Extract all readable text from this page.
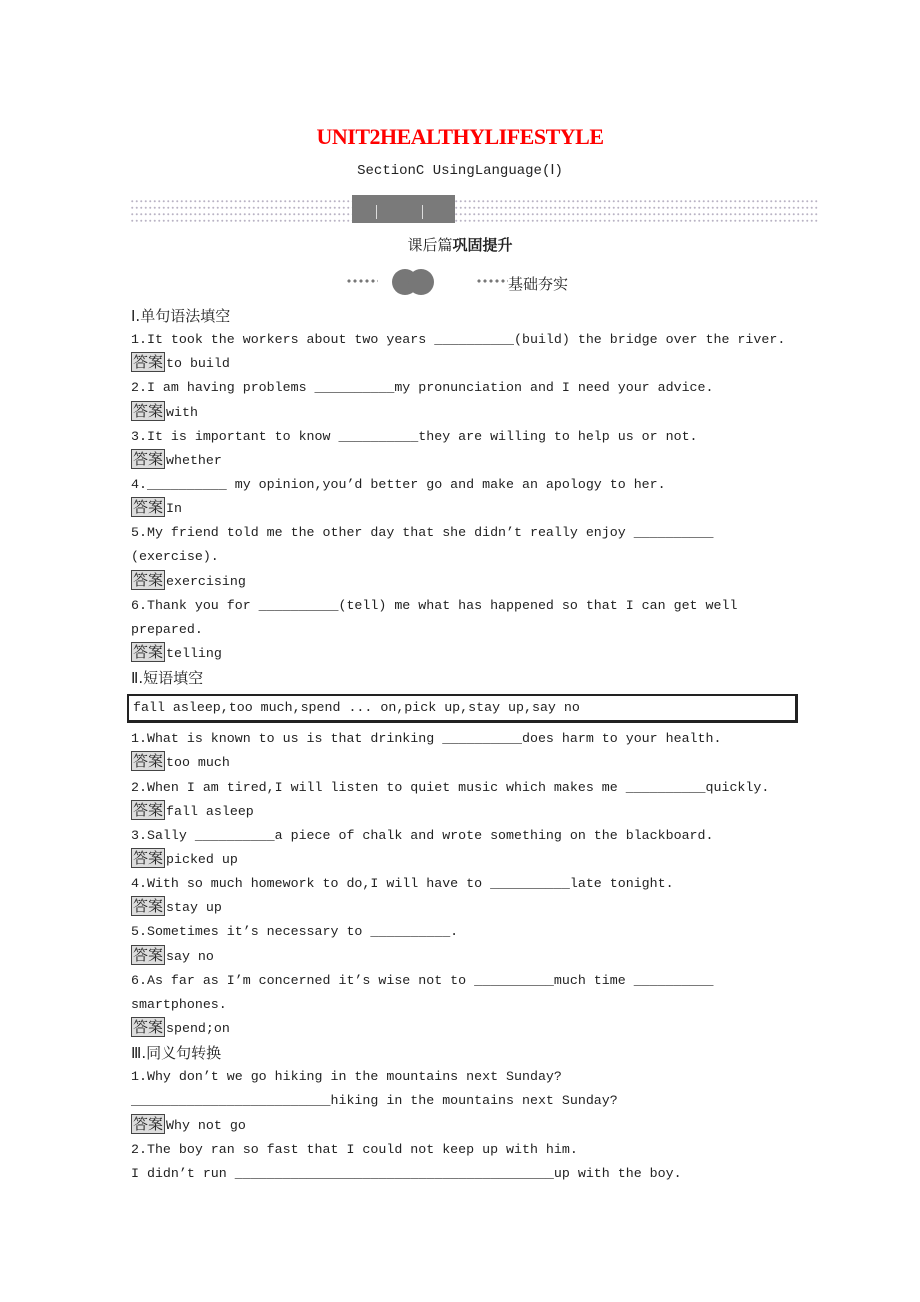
UNIT2HEALTHYLIFESTYLE
SectionC UsingLanguage(Ⅰ)
课后篇巩固提升
基础夯实
Ⅰ.单句语法填空
1.It took the workers about two years __________(build) the bridge over the river.
答案 to build
2.I am having problems __________my pronunciation and I need your advice.
答案 with
3.It is important to know __________they are willing to help us or not.
答案 whether
4.__________ my opinion,you’d better go and make an apology to her.
答案 In
5.My friend told me the other day that she didn’t really enjoy __________
(exercise).
答案 exercising
6.Thank you for __________(tell) me what has happened so that I can get well
prepared.
答案 telling
Ⅱ.短语填空
fall asleep,too much,spend ... on,pick up,stay up,say no
1.What is known to us is that drinking __________does harm to your health.
答案 too much
2.When I am tired,I will listen to quiet music which makes me __________quickly.
答案 fall asleep
3.Sally __________a piece of chalk and wrote something on the blackboard.
答案 picked up
4.With so much homework to do,I will have to __________late tonight.
答案 stay up
5.Sometimes it’s necessary to __________.
答案 say no
6.As far as I’m concerned it’s wise not to __________much time __________
smartphones.
答案 spend;on
Ⅲ.同义句转换
1.Why don’t we go hiking in the mountains next Sunday?
_________________________hiking in the mountains next Sunday?
答案 Why not go
2.The boy ran so fast that I could not keep up with him.
I didn’t run ________________________________________up with the boy.
